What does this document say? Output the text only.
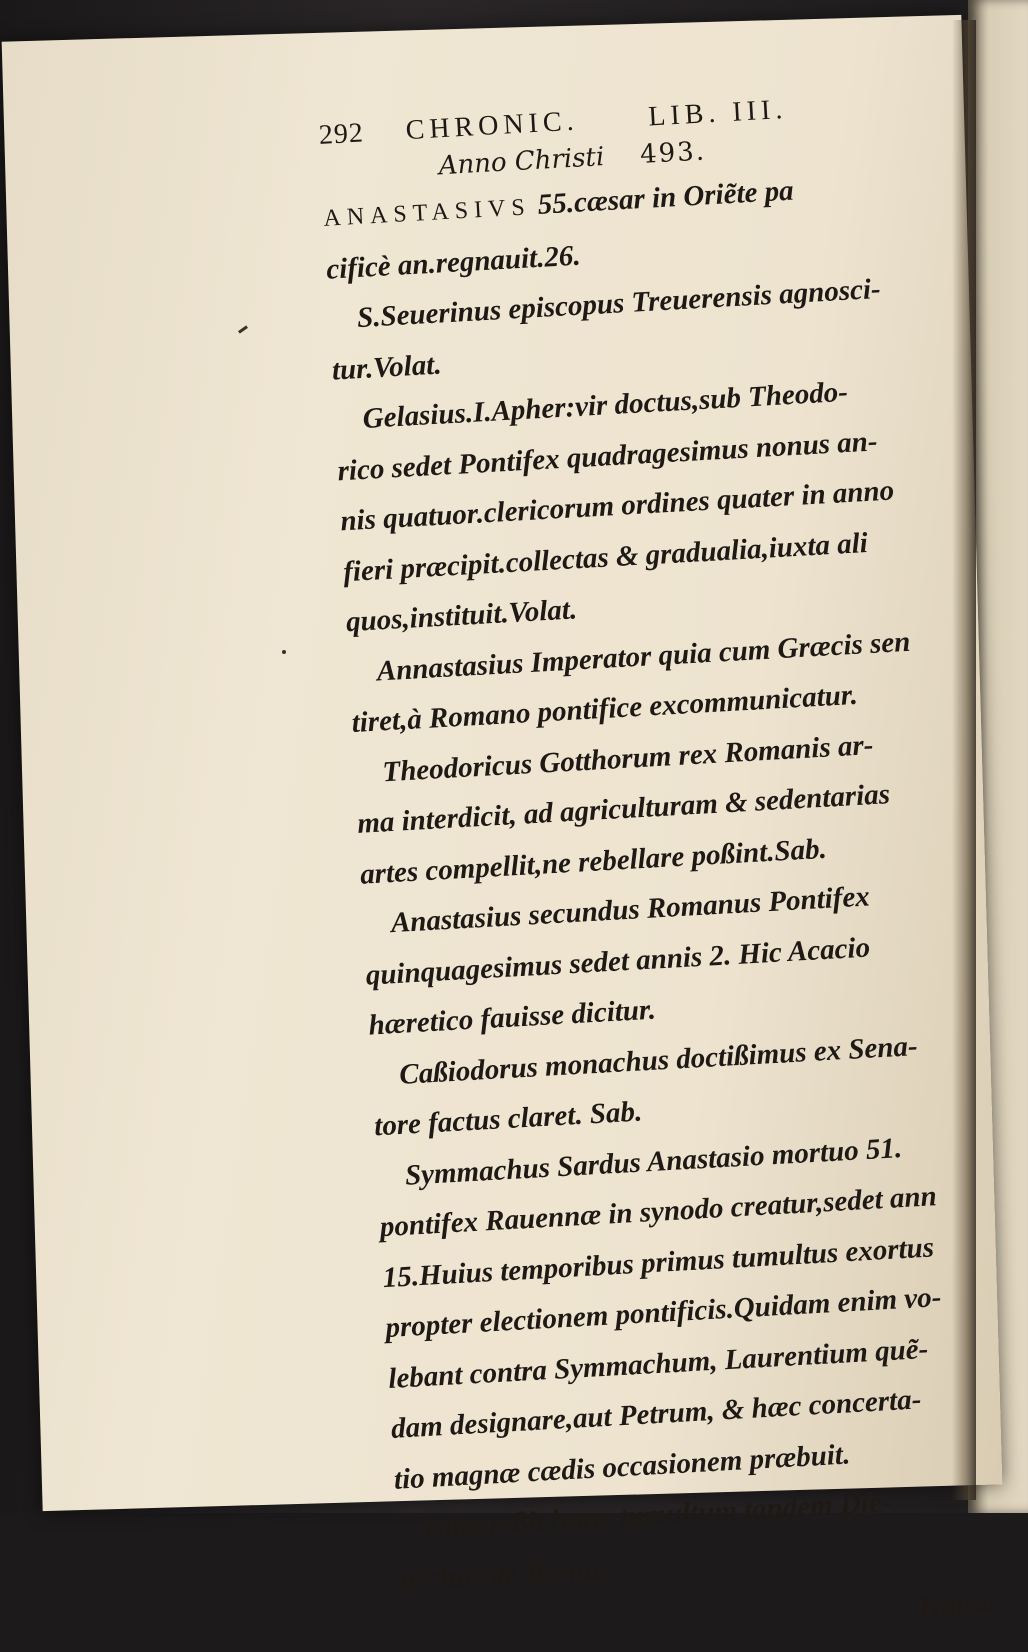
292 CHRONIC. LIB. III.
Anno Christi 493.
ANASTASIVS 55.cæsar in Oriẽte pa
cificè an.regnauit.26.
S.Seuerinus episcopus Treuerensis agnosci-
tur.Volat.
Gelasius.I.Apher:vir doctus,sub Theodo-
rico sedet Pontifex quadragesimus nonus an-
nis quatuor.clericorum ordines quater in anno
fieri præcipit.collectas & gradualia,iuxta ali
quos,instituit.Volat.
Annastasius Imperator quia cum Græcis sen
tiret,à Romano pontifice excommunicatur.
Theodoricus Gotthorum rex Romanis ar-
ma interdicit, ad agriculturam & sedentarias
artes compellit,ne rebellare poßint.Sab.
Anastasius secundus Romanus Pontifex
quinquagesimus sedet annis 2. Hic Acacio
hæretico fauisse dicitur.
Caßiodorus monachus doctißimus ex Sena-
tore factus claret. Sab.
Symmachus Sardus Anastasio mortuo 51.
pontifex Rauennæ in synodo creatur,sedet ann
15.Huius temporibus primus tumultus exortus
propter electionem pontificis.Quidam enim vo-
lebant contra Symmachum, Laurentium quẽ-
dam designare,aut Petrum, & hæc concerta-
tio magnæ cædis occasionem præbuit.
compreßit hunc tumultum tandem Die-
trichus de Berna.
Transa-
